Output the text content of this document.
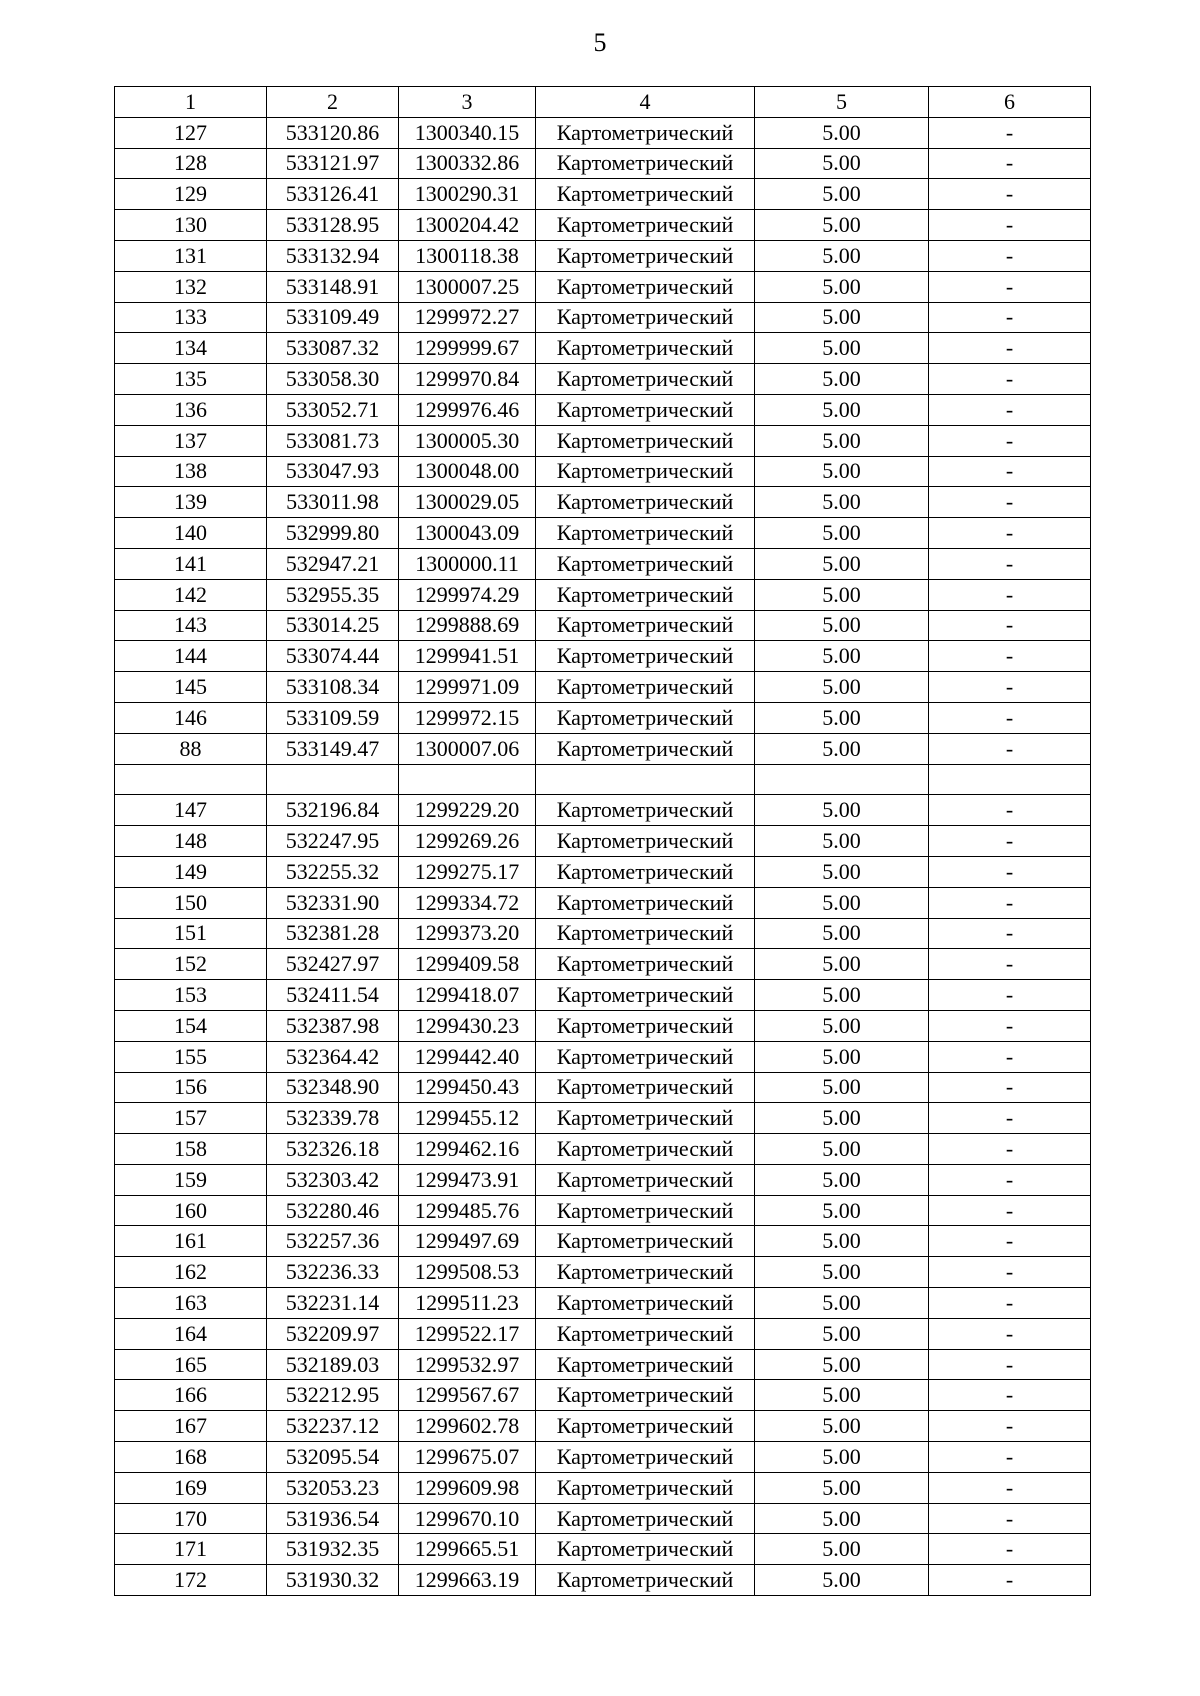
5
1	2	3	4	5	6
127	533120.86	1300340.15	Картометрический	5.00	-
128	533121.97	1300332.86	Картометрический	5.00	-
129	533126.41	1300290.31	Картометрический	5.00	-
130	533128.95	1300204.42	Картометрический	5.00	-
131	533132.94	1300118.38	Картометрический	5.00	-
132	533148.91	1300007.25	Картометрический	5.00	-
133	533109.49	1299972.27	Картометрический	5.00	-
134	533087.32	1299999.67	Картометрический	5.00	-
135	533058.30	1299970.84	Картометрический	5.00	-
136	533052.71	1299976.46	Картометрический	5.00	-
137	533081.73	1300005.30	Картометрический	5.00	-
138	533047.93	1300048.00	Картометрический	5.00	-
139	533011.98	1300029.05	Картометрический	5.00	-
140	532999.80	1300043.09	Картометрический	5.00	-
141	532947.21	1300000.11	Картометрический	5.00	-
142	532955.35	1299974.29	Картометрический	5.00	-
143	533014.25	1299888.69	Картометрический	5.00	-
144	533074.44	1299941.51	Картометрический	5.00	-
145	533108.34	1299971.09	Картометрический	5.00	-
146	533109.59	1299972.15	Картометрический	5.00	-
88	533149.47	1300007.06	Картометрический	5.00	-

147	532196.84	1299229.20	Картометрический	5.00	-
148	532247.95	1299269.26	Картометрический	5.00	-
149	532255.32	1299275.17	Картометрический	5.00	-
150	532331.90	1299334.72	Картометрический	5.00	-
151	532381.28	1299373.20	Картометрический	5.00	-
152	532427.97	1299409.58	Картометрический	5.00	-
153	532411.54	1299418.07	Картометрический	5.00	-
154	532387.98	1299430.23	Картометрический	5.00	-
155	532364.42	1299442.40	Картометрический	5.00	-
156	532348.90	1299450.43	Картометрический	5.00	-
157	532339.78	1299455.12	Картометрический	5.00	-
158	532326.18	1299462.16	Картометрический	5.00	-
159	532303.42	1299473.91	Картометрический	5.00	-
160	532280.46	1299485.76	Картометрический	5.00	-
161	532257.36	1299497.69	Картометрический	5.00	-
162	532236.33	1299508.53	Картометрический	5.00	-
163	532231.14	1299511.23	Картометрический	5.00	-
164	532209.97	1299522.17	Картометрический	5.00	-
165	532189.03	1299532.97	Картометрический	5.00	-
166	532212.95	1299567.67	Картометрический	5.00	-
167	532237.12	1299602.78	Картометрический	5.00	-
168	532095.54	1299675.07	Картометрический	5.00	-
169	532053.23	1299609.98	Картометрический	5.00	-
170	531936.54	1299670.10	Картометрический	5.00	-
171	531932.35	1299665.51	Картометрический	5.00	-
172	531930.32	1299663.19	Картометрический	5.00	-
